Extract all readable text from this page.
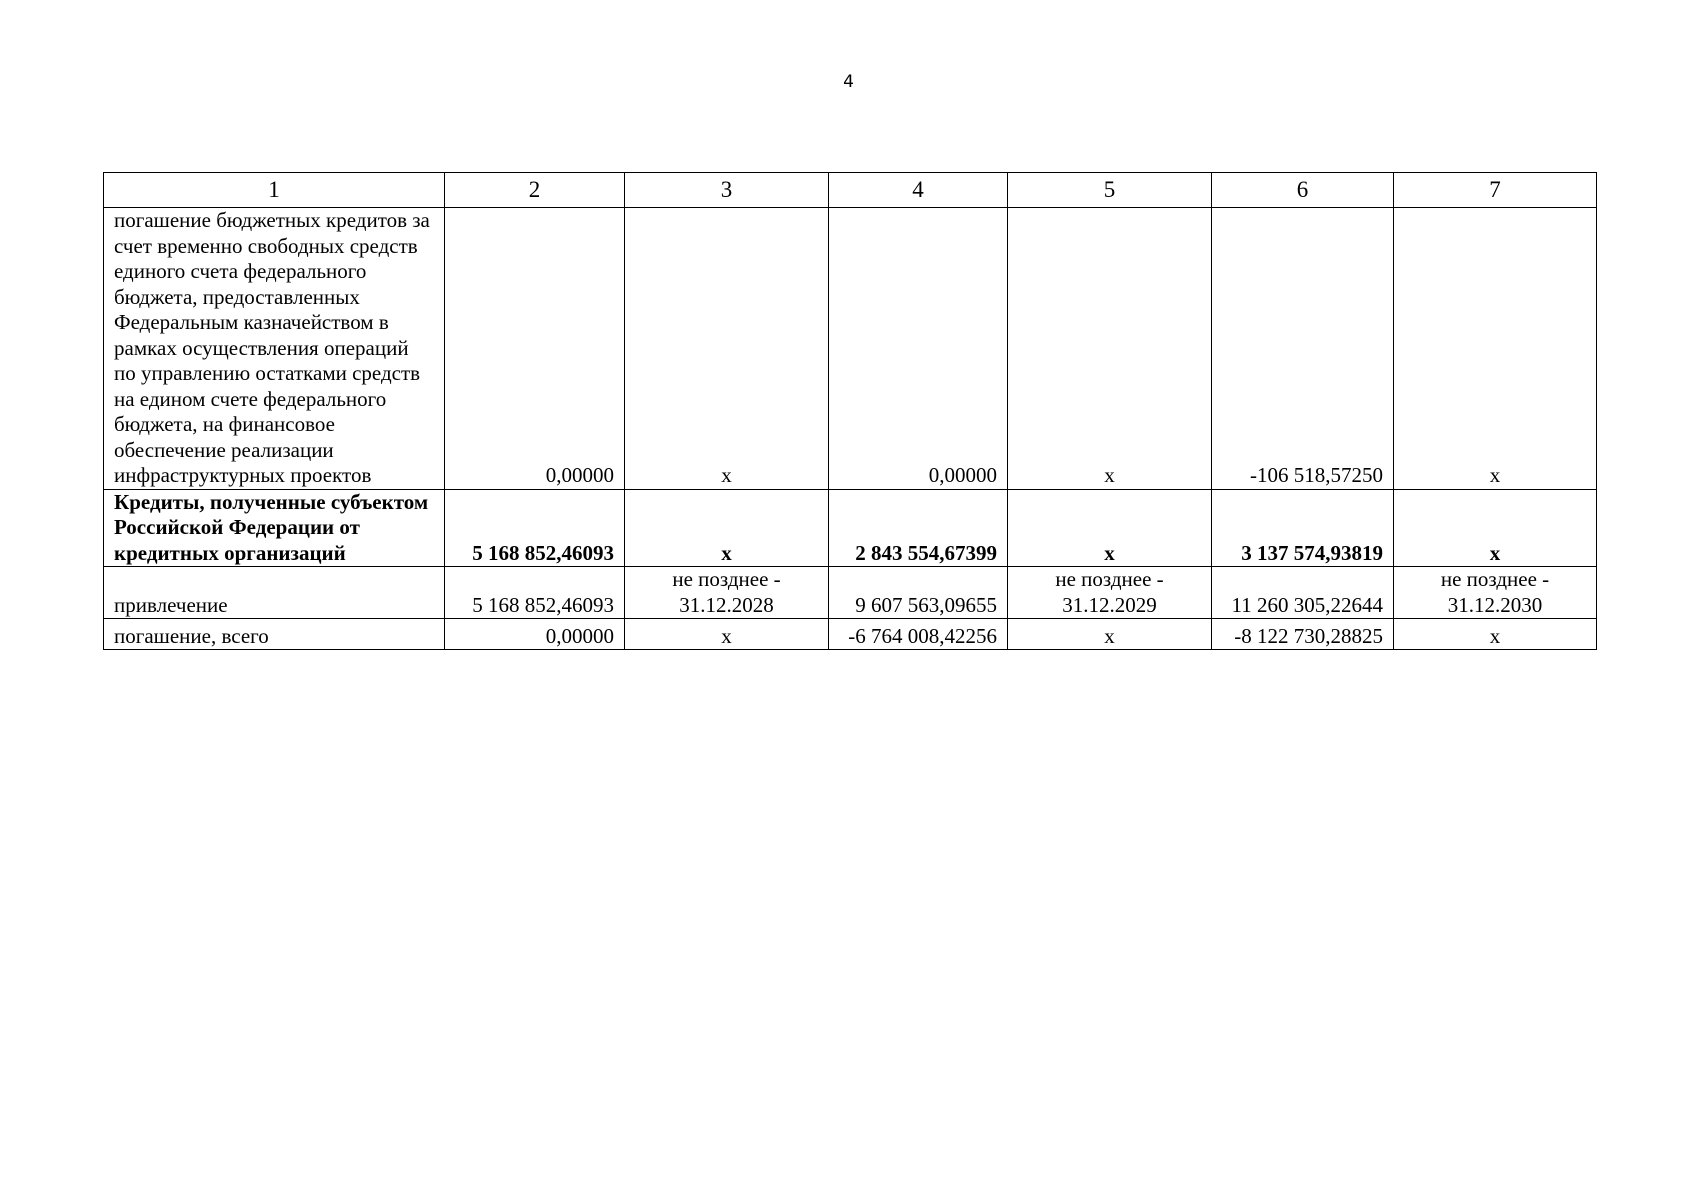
4
1	2	3	4	5	6	7
погашение бюджетных кредитов за счет временно свободных средств единого счета федерального бюджета, предоставленных Федеральным казначейством в рамках осуществления операций по управлению остатками средств на едином счете федерального бюджета, на финансовое обеспечение реализации инфраструктурных проектов	0,00000	х	0,00000	х	-106 518,57250	х
Кредиты, полученные субъектом Российской Федерации от кредитных организаций	5 168 852,46093	х	2 843 554,67399	х	3 137 574,93819	х
привлечение	5 168 852,46093	не позднее - 31.12.2028	9 607 563,09655	не позднее - 31.12.2029	11 260 305,22644	не позднее - 31.12.2030
погашение, всего	0,00000	х	-6 764 008,42256	х	-8 122 730,28825	х
